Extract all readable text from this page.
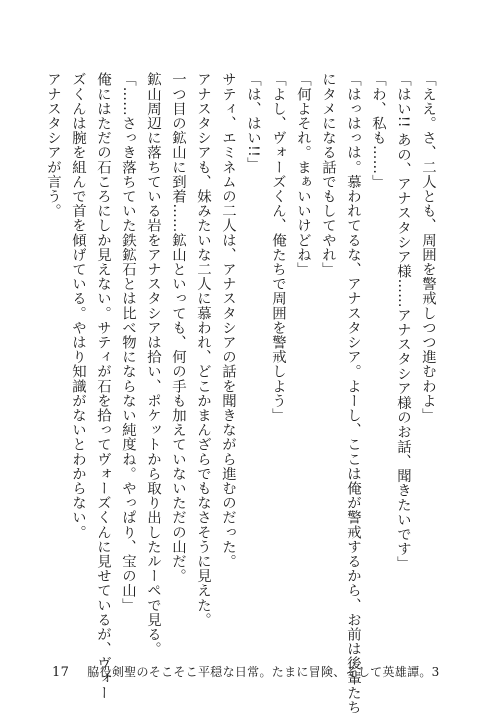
「ええ。さ、二人とも、周囲を警戒しつつ進むわよ」
「はい!! あの、アナスタシア様……アナスタシア様のお話、聞きたいです」
「わ、私も……」
「はっはっは。慕われてるな、アナスタシア。よーし、ここは俺が警戒するから、お前は後輩たち
にタメになる話でもしてやれ」
「何よそれ。まぁいいけどね」
「よし、ヴォーズくん、俺たちで周囲を警戒しよう」
「は、はい!!」
サティ、エミネムの二人は、アナスタシアの話を聞きながら進むのだった。
アナスタシアも、妹みたいな二人に慕われ、どこかまんざらでもなさそうに見えた。
一つ目の鉱山に到着……鉱山といっても、何の手も加えていないただの山だ。
鉱山周辺に落ちている岩をアナスタシアは拾い、ポケットから取り出したルーペで見る。
「……さっき落ちていた鉄鉱石とは比べ物にならない純度ね。やっぱり、宝の山」
俺にはただの石ころにしか見えない。サティが石を拾ってヴォーズくんに見せているが、ヴォー
ズくんは腕を組んで首を傾げている。やはり知識がないとわからない。
アナスタシアが言う。
17 脇役剣聖のそこそこ平穏な日常。たまに冒険、そして英雄譚。3
